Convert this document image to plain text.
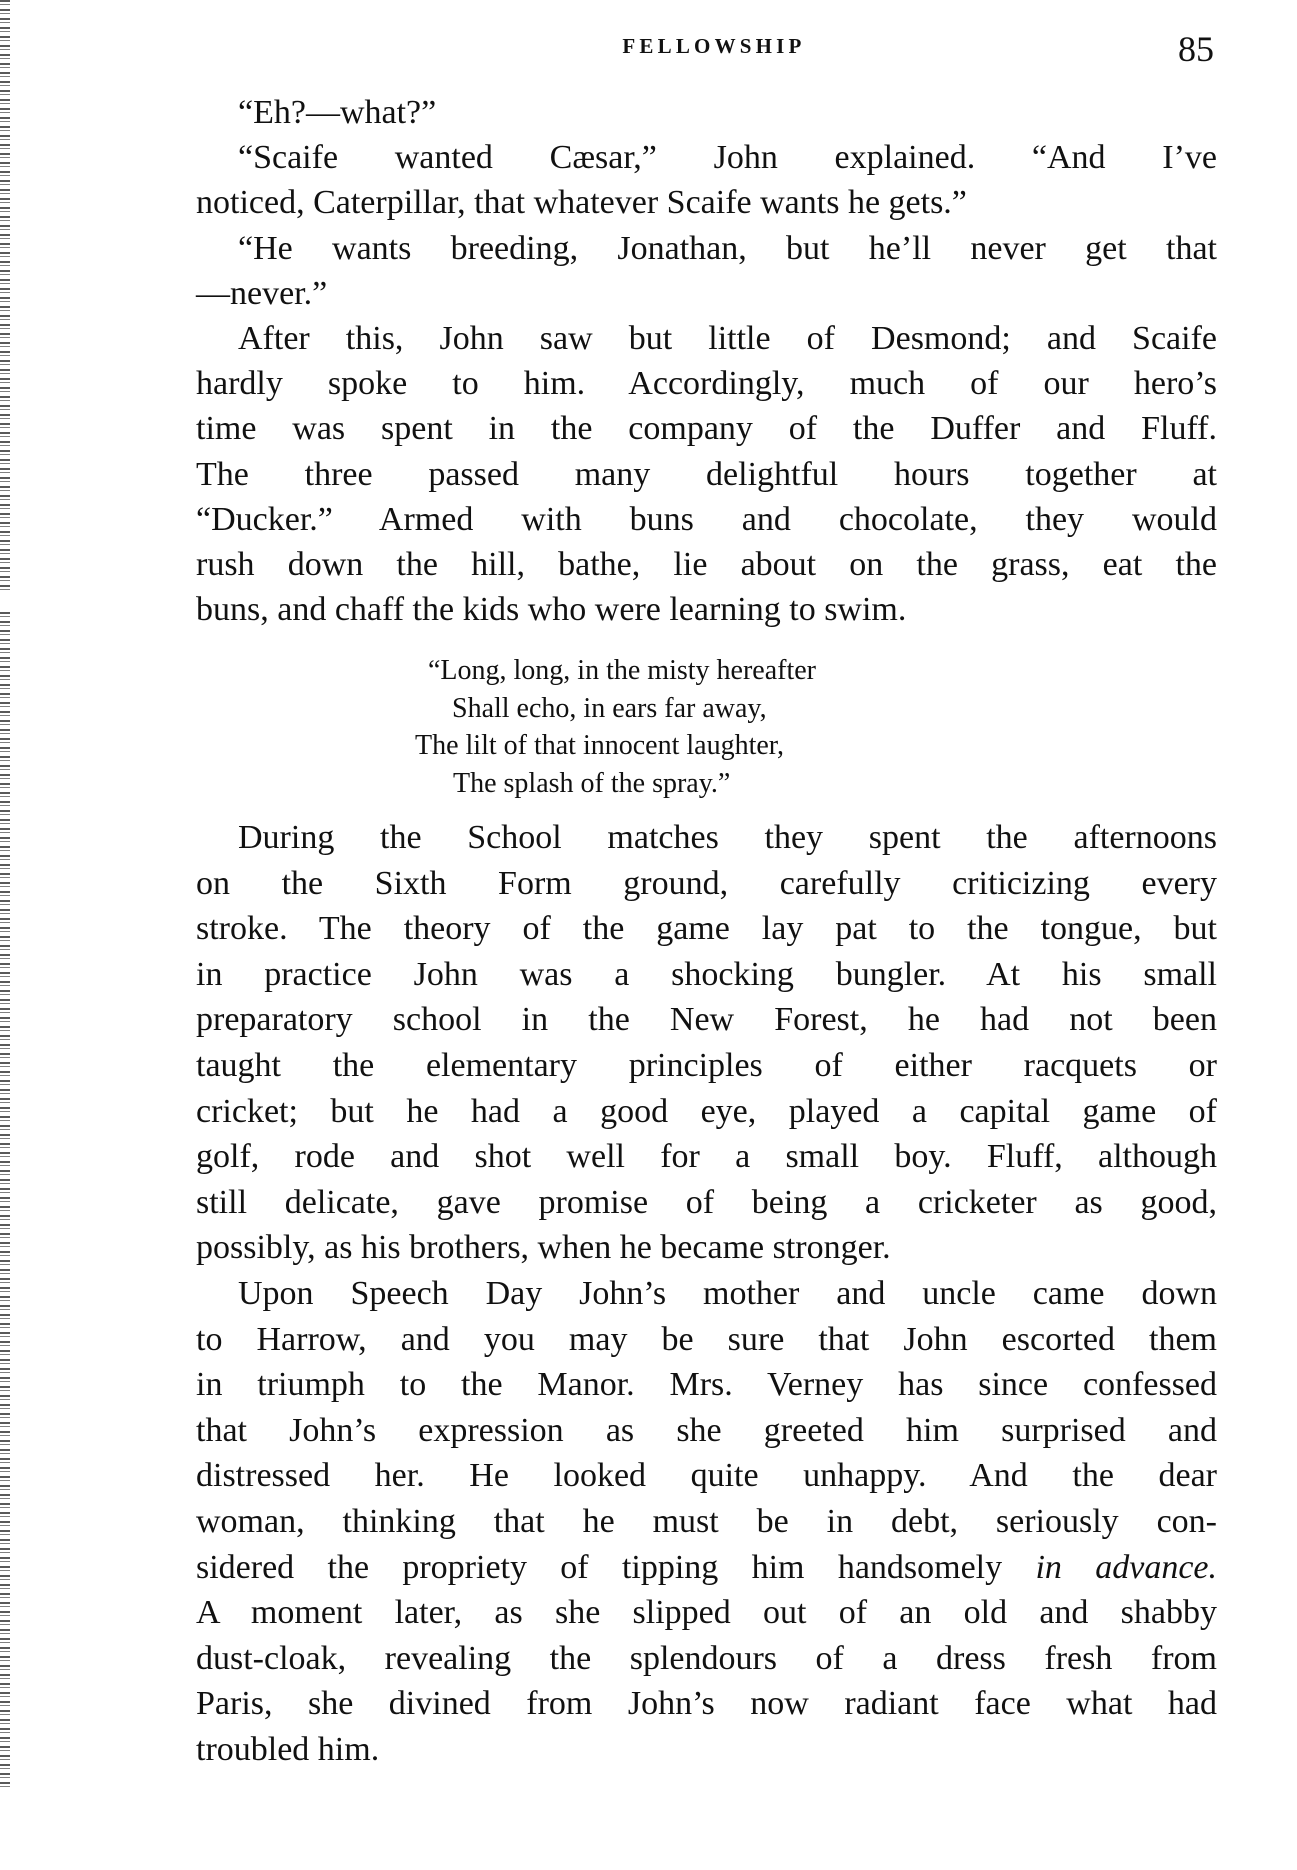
FELLOWSHIP	85
“Eh?—what?”
“Scaife wanted Cæsar,” John explained. “And I’ve
noticed, Caterpillar, that whatever Scaife wants he gets.”
“He wants breeding, Jonathan, but he’ll never get that
—never.”
After this, John saw but little of Desmond; and Scaife
hardly spoke to him. Accordingly, much of our hero’s
time was spent in the company of the Duffer and Fluff.
The three passed many delightful hours together at
“Ducker.” Armed with buns and chocolate, they would
rush down the hill, bathe, lie about on the grass, eat the
buns, and chaff the kids who were learning to swim.
“Long, long, in the misty hereafter
Shall echo, in ears far away,
The lilt of that innocent laughter,
The splash of the spray.”
During the School matches they spent the afternoons
on the Sixth Form ground, carefully criticizing every
stroke. The theory of the game lay pat to the tongue, but
in practice John was a shocking bungler. At his small
preparatory school in the New Forest, he had not been
taught the elementary principles of either racquets or
cricket; but he had a good eye, played a capital game of
golf, rode and shot well for a small boy. Fluff, although
still delicate, gave promise of being a cricketer as good,
possibly, as his brothers, when he became stronger.
Upon Speech Day John’s mother and uncle came down
to Harrow, and you may be sure that John escorted them
in triumph to the Manor. Mrs. Verney has since confessed
that John’s expression as she greeted him surprised and
distressed her. He looked quite unhappy. And the dear
woman, thinking that he must be in debt, seriously con-
sidered the propriety of tipping him handsomely in advance.
A moment later, as she slipped out of an old and shabby
dust-cloak, revealing the splendours of a dress fresh from
Paris, she divined from John’s now radiant face what had
troubled him.
